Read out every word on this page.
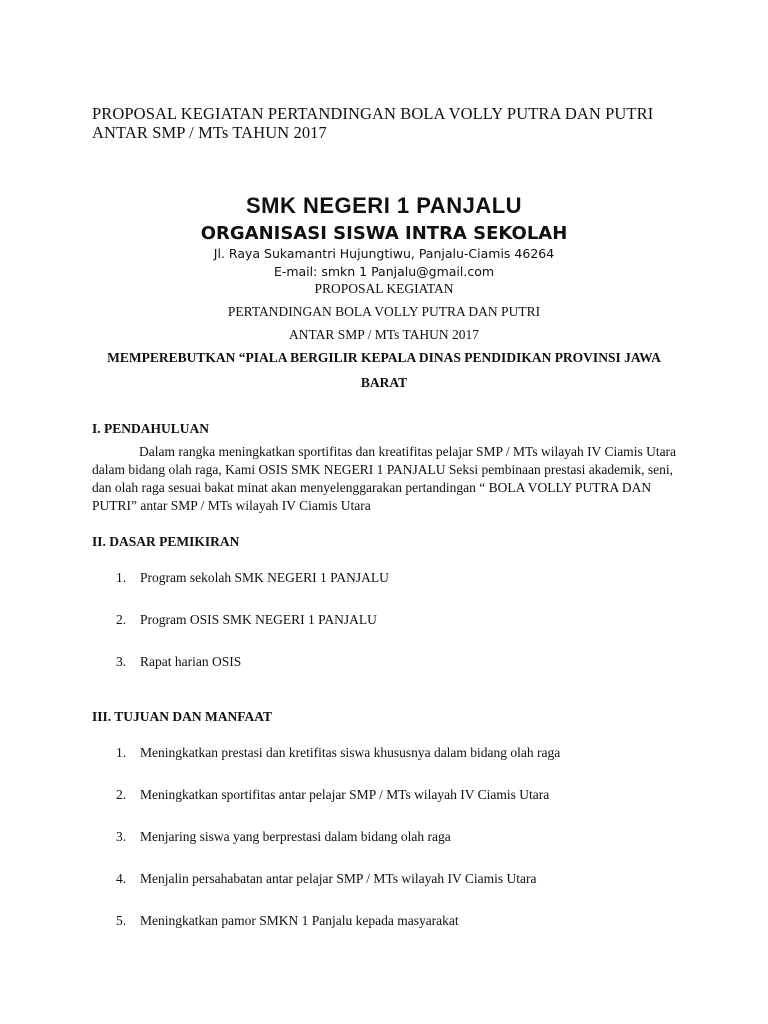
PROPOSAL KEGIATAN PERTANDINGAN BOLA VOLLY PUTRA DAN PUTRI ANTAR SMP / MTs TAHUN 2017
SMK NEGERI 1 PANJALU
ORGANISASI SISWA INTRA SEKOLAH
Jl. Raya Sukamantri Hujungtiwu, Panjalu-Ciamis 46264
E-mail: smkn 1 Panjalu@gmail.com
PROPOSAL KEGIATAN
PERTANDINGAN BOLA VOLLY PUTRA DAN PUTRI
ANTAR SMP / MTs TAHUN 2017
MEMPEREBUTKAN “PIALA BERGILIR KEPALA DINAS PENDIDIKAN PROVINSI JAWA
BARAT
I. PENDAHULUAN

Dalam rangka meningkatkan sportifitas dan kreatifitas pelajar SMP / MTs wilayah IV Ciamis Utara dalam bidang olah raga, Kami OSIS SMK NEGERI 1 PANJALU Seksi pembinaan prestasi akademik, seni, dan olah raga sesuai bakat minat akan menyelenggarakan pertandingan “ BOLA VOLLY PUTRA DAN PUTRI” antar SMP / MTs wilayah IV Ciamis Utara

II. DASAR PEMIKIRAN
1. Program sekolah SMK NEGERI 1 PANJALU
2. Program OSIS SMK NEGERI 1 PANJALU
3. Rapat harian OSIS
III. TUJUAN DAN MANFAAT
1. Meningkatkan prestasi dan kretifitas siswa khususnya dalam bidang olah raga
2. Meningkatkan sportifitas antar pelajar SMP / MTs wilayah IV Ciamis Utara
3. Menjaring siswa yang berprestasi dalam bidang olah raga
4. Menjalin persahabatan antar pelajar SMP / MTs wilayah IV Ciamis Utara
5. Meningkatkan pamor SMKN 1 Panjalu kepada masyarakat
